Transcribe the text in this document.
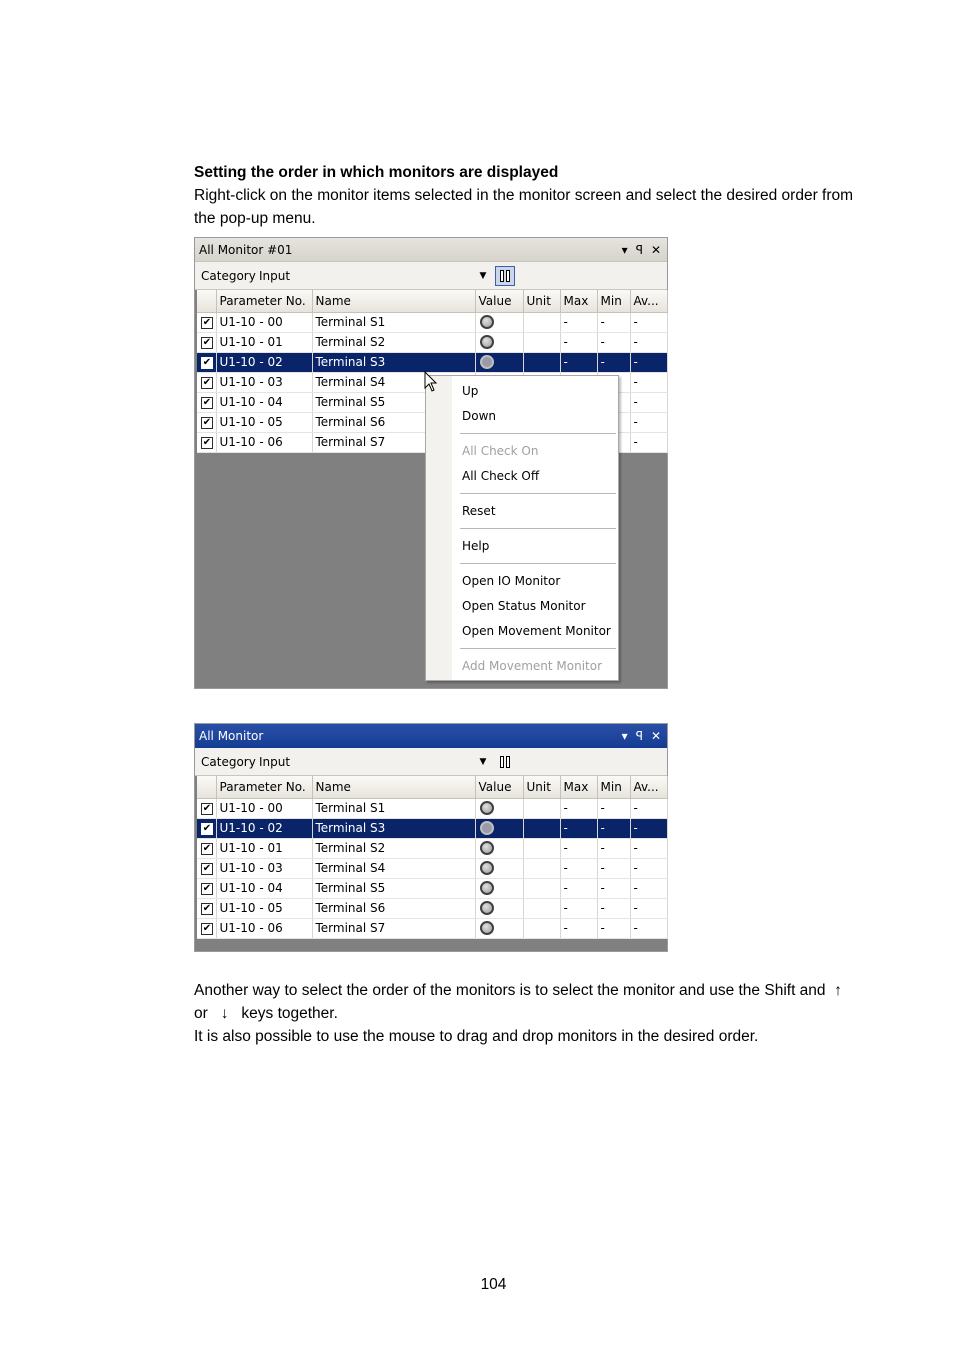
Setting the order in which monitors are displayed
Right-click on the monitor items selected in the monitor screen and select the desired order from the pop-up menu.
All Monitor #01	▾ ꟼ ✕
Category Input	▼
	Parameter No.	Name	Value	Unit	Max	Min	Av...
✔	U1-10 - 00	Terminal S1			-	-	-
✔	U1-10 - 01	Terminal S2			-	-	-
✔	U1-10 - 02	Terminal S3			-	-	-
✔	U1-10 - 03	Terminal S4					-
✔	U1-10 - 04	Terminal S5					-
✔	U1-10 - 05	Terminal S6					-
✔	U1-10 - 06	Terminal S7					-
Up
Down
All Check On
All Check Off
Reset
Help
Open IO Monitor
Open Status Monitor
Open Movement Monitor
Add Movement Monitor
All Monitor	▾ ꟼ ✕
Category Input	▼
	Parameter No.	Name	Value	Unit	Max	Min	Av...
✔	U1-10 - 00	Terminal S1			-	-	-
✔	U1-10 - 02	Terminal S3			-	-	-
✔	U1-10 - 01	Terminal S2			-	-	-
✔	U1-10 - 03	Terminal S4			-	-	-
✔	U1-10 - 04	Terminal S5			-	-	-
✔	U1-10 - 05	Terminal S6			-	-	-
✔	U1-10 - 06	Terminal S7			-	-	-
Another way to select the order of the monitors is to select the monitor and use the Shift and ↑
or ↓ keys together.
It is also possible to use the mouse to drag and drop monitors in the desired order.
104
